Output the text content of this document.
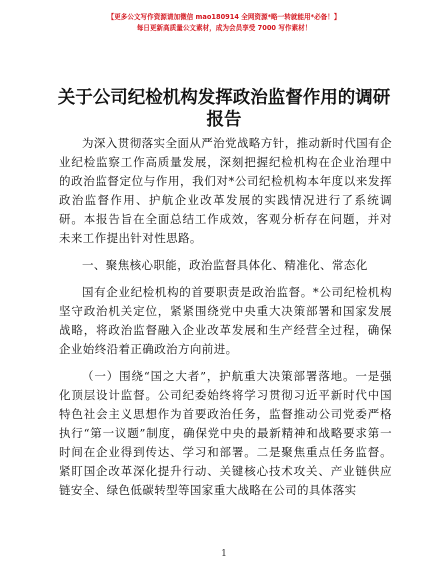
【更多公文写作资源请加微信 mao180914 全网资源*略一转就能用*必备！】
每日更新高质量公文素材，成为会员享受 7000 写作素材！
关于公司纪检机构发挥政治监督作用的调研报告

为深入贯彻落实全面从严治党战略方针，推动新时代国有企业纪检监察工作高质量发展，深刻把握纪检机构在企业治理中的政治监督定位与作用，我们对*公司纪检机构本年度以来发挥政治监督作用、护航企业改革发展的实践情况进行了系统调研。本报告旨在全面总结工作成效，客观分析存在问题，并对未来工作提出针对性思路。

一、聚焦核心职能，政治监督具体化、精准化、常态化

国有企业纪检机构的首要职责是政治监督。*公司纪检机构坚守政治机关定位，紧紧围绕党中央重大决策部署和国家发展战略，将政治监督融入企业改革发展和生产经营全过程，确保企业始终沿着正确政治方向前进。

（一）围绕“国之大者”，护航重大决策部署落地。一是强化顶层设计监督。公司纪委始终将学习贯彻习近平新时代中国特色社会主义思想作为首要政治任务，监督推动公司党委严格执行“第一议题”制度，确保党中央的最新精神和战略要求第一时间在企业得到传达、学习和部署。二是聚焦重点任务监督。紧盯国企改革深化提升行动、关键核心技术攻关、产业链供应链安全、绿色低碳转型等国家重大战略在公司的具体落实

1
